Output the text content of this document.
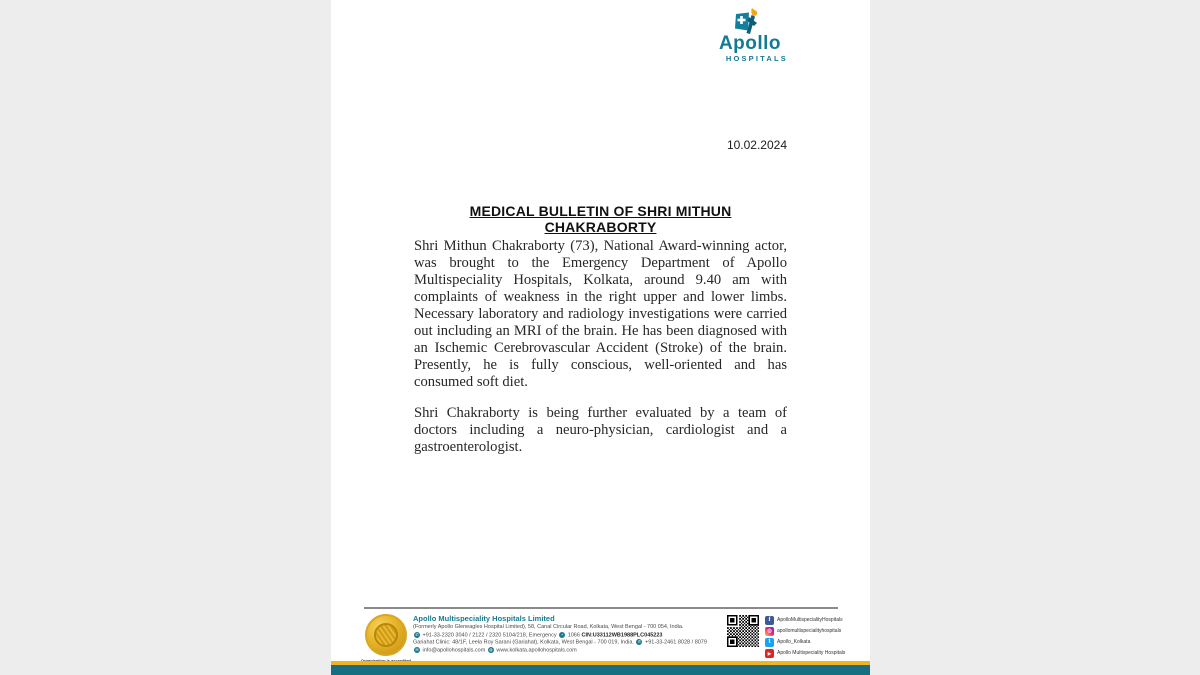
Apollo
HOSPITALS
10.02.2024
MEDICAL BULLETIN OF SHRI MITHUN CHAKRABORTY

Shri Mithun Chakraborty (73), National Award-winning actor, was brought to the Emergency Department of Apollo Multispeciality Hospitals, Kolkata, around 9.40 am with complaints of weakness in the right upper and lower limbs. Necessary laboratory and radiology investigations were carried out including an MRI of the brain. He has been diagnosed with an Ischemic Cerebrovascular Accident (Stroke) of the brain. Presently, he is fully conscious, well-oriented and has consumed soft diet.

Shri Chakraborty is being further evaluated by a team of doctors including a neuro-physician, cardiologist and a gastroenterologist.

Apollo Multispeciality Hospitals Limited
(Formerly Apollo Gleneagles Hospital Limited), 58, Canal Circular Road, Kolkata, West Bengal - 700 054, India.
✆ +91-33-2320 3040 / 2122 / 2320 5104/218, Emergency + 1066 CIN:U33112WB1988PLC045223
Gariahat Clinic: 48/1F, Leela Roy Sarani (Gariahat), Kolkata, West Bengal - 700 019, India. ✆ +91-33-2461 8028 / 8079
✉ info@apollohospitals.com ◍ www.kolkata.apollohospitals.com
f	ApolloMultispecialityHospitals
◎	apollomultispecialityhospitals
t	Apollo_Kolkata
▶	Apollo Multispeciality Hospitals
